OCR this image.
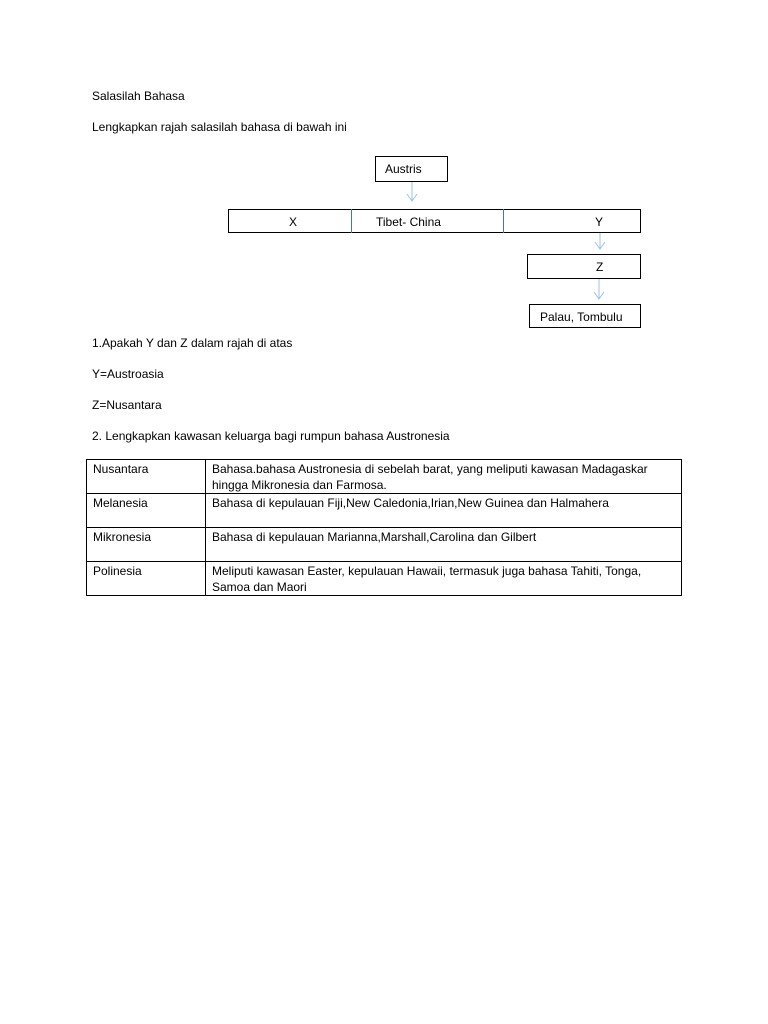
Salasilah Bahasa
Lengkapkan rajah salasilah bahasa di bawah ini
Austris
X	Tibet- China	Y
Z
Palau, Tombulu
1.Apakah Y dan Z dalam rajah di atas
Y=Austroasia
Z=Nusantara
2. Lengkapkan kawasan keluarga bagi rumpun bahasa Austronesia
Nusantara	Bahasa.bahasa Austronesia di sebelah barat, yang meliputi kawasan Madagaskar hingga Mikronesia dan Farmosa.
Melanesia	Bahasa di kepulauan Fiji,New Caledonia,Irian,New Guinea dan Halmahera
Mikronesia	Bahasa di kepulauan Marianna,Marshall,Carolina dan Gilbert
Polinesia	Meliputi kawasan Easter, kepulauan Hawaii, termasuk juga bahasa Tahiti, Tonga, Samoa dan Maori
